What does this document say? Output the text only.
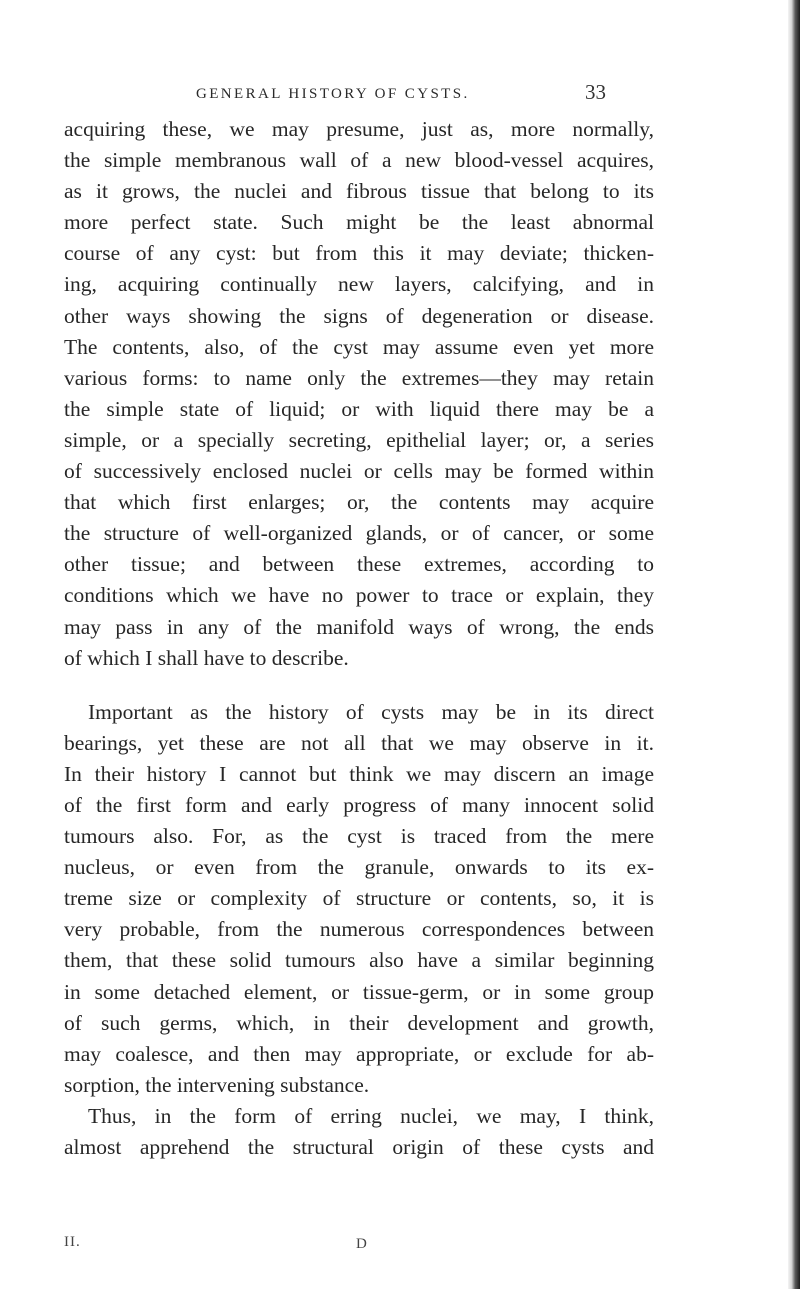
GENERAL HISTORY OF CYSTS.	33
acquiring these, we may presume, just as, more normally,
the simple membranous wall of a new blood-vessel acquires,
as it grows, the nuclei and fibrous tissue that belong to its
more perfect state. Such might be the least abnormal
course of any cyst: but from this it may deviate; thicken-
ing, acquiring continually new layers, calcifying, and in
other ways showing the signs of degeneration or disease.
The contents, also, of the cyst may assume even yet more
various forms: to name only the extremes—they may retain
the simple state of liquid; or with liquid there may be a
simple, or a specially secreting, epithelial layer; or, a series
of successively enclosed nuclei or cells may be formed within
that which first enlarges; or, the contents may acquire
the structure of well-organized glands, or of cancer, or some
other tissue; and between these extremes, according to
conditions which we have no power to trace or explain, they
may pass in any of the manifold ways of wrong, the ends
of which I shall have to describe.
Important as the history of cysts may be in its direct
bearings, yet these are not all that we may observe in it.
In their history I cannot but think we may discern an image
of the first form and early progress of many innocent solid
tumours also. For, as the cyst is traced from the mere
nucleus, or even from the granule, onwards to its ex-
treme size or complexity of structure or contents, so, it is
very probable, from the numerous correspondences between
them, that these solid tumours also have a similar beginning
in some detached element, or tissue-germ, or in some group
of such germs, which, in their development and growth,
may coalesce, and then may appropriate, or exclude for ab-
sorption, the intervening substance.
Thus, in the form of erring nuclei, we may, I think,
almost apprehend the structural origin of these cysts and
II.	D
